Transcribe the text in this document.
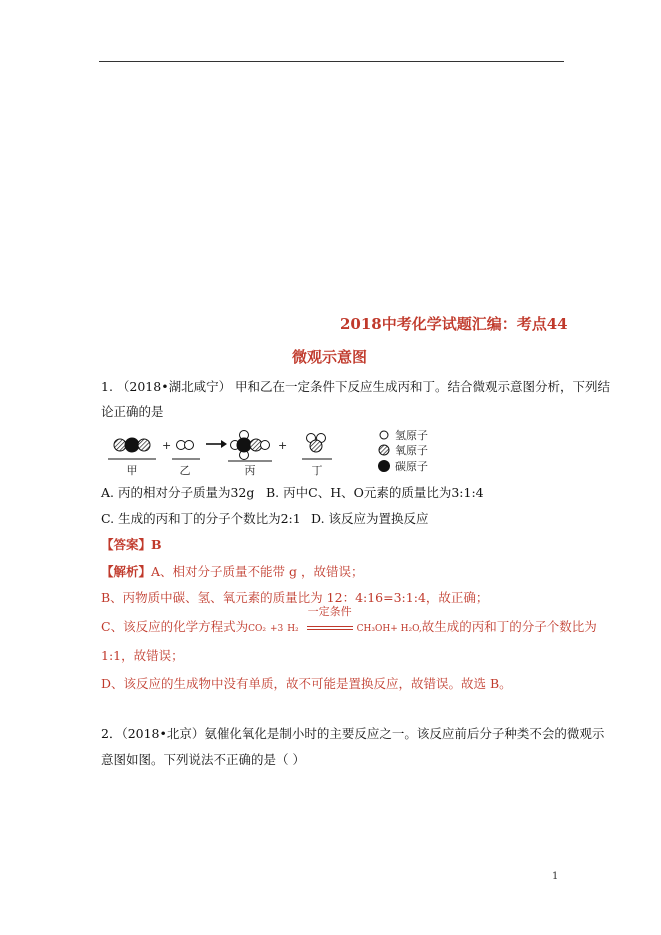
2018中考化学试题汇编：考点44
微观示意图
1. （2018•湖北咸宁） 甲和乙在一定条件下反应生成丙和丁。结合微观示意图分析，下列结
论正确的是
甲
+
乙	丙
+
丁
氢原子
氧原子
碳原子
A. 丙的相对分子质量为32g B. 丙中C、H、O元素的质量比为3:1:4
C. 生成的丙和丁的分子个数比为2:1 D. 该反应为置换反应
【答案】B
【解析】A、相对分子质量不能带 g ，故错误；
B、丙物质中碳、氢、氧元素的质量比为 12：4:16=3:1:4，故正确；
C、该反应的化学方程式为CO₂ +3 H₂
一定条件
CH₃OH+ H₂O,故生成的丙和丁的分子个数比为
1:1，故错误；
D、该反应的生成物中没有单质，故不可能是置换反应，故错误。故选 B。
2．（2018•北京）氨催化氧化是制小时的主要反应之一。该反应前后分子种类不会的微观示
意图如图。下列说法不正确的是（ ）
1
